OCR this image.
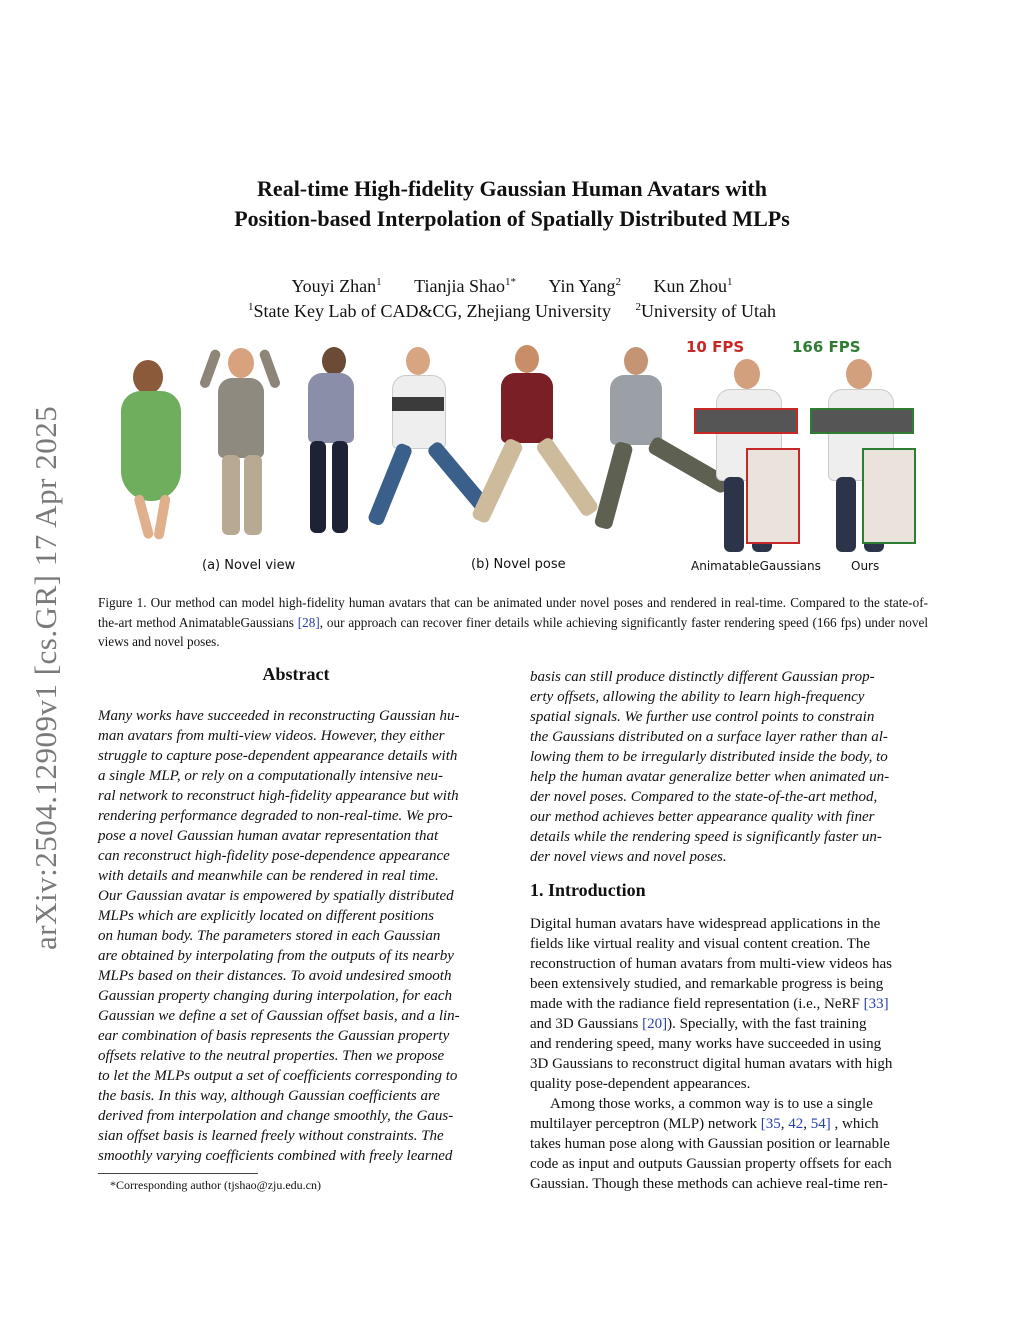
arXiv:2504.12909v1 [cs.GR] 17 Apr 2025
Real-time High-fidelity Gaussian Human Avatars with
Position-based Interpolation of Spatially Distributed MLPs
Youyi Zhan$^1$ Tianjia Shao$^{1*}$ Yin Yang$^2$ Kun Zhou$^1$
$^1$State Key Lab of CAD&CG, Zhejiang University $^2$University of Utah
10 FPS	166 FPS
(a) Novel view	(b) Novel pose	AnimatableGaussians	Ours
Figure 1. Our method can model high-fidelity human avatars that can be animated under novel poses and rendered in real-time. Compared to the state-of-the-art method AnimatableGaussians [28], our approach can recover finer details while achieving significantly faster rendering speed (166 fps) under novel views and novel poses.
Abstract
Many works have succeeded in reconstructing Gaussian hu-
man avatars from multi-view videos. However, they either
struggle to capture pose-dependent appearance details with
a single MLP, or rely on a computationally intensive neu-
ral network to reconstruct high-fidelity appearance but with
rendering performance degraded to non-real-time. We pro-
pose a novel Gaussian human avatar representation that
can reconstruct high-fidelity pose-dependence appearance
with details and meanwhile can be rendered in real time.
Our Gaussian avatar is empowered by spatially distributed
MLPs which are explicitly located on different positions
on human body. The parameters stored in each Gaussian
are obtained by interpolating from the outputs of its nearby
MLPs based on their distances. To avoid undesired smooth
Gaussian property changing during interpolation, for each
Gaussian we define a set of Gaussian offset basis, and a lin-
ear combination of basis represents the Gaussian property
offsets relative to the neutral properties. Then we propose
to let the MLPs output a set of coefficients corresponding to
the basis. In this way, although Gaussian coefficients are
derived from interpolation and change smoothly, the Gaus-
sian offset basis is learned freely without constraints. The
smoothly varying coefficients combined with freely learned
*Corresponding author (tjshao@zju.edu.cn)
basis can still produce distinctly different Gaussian prop-
erty offsets, allowing the ability to learn high-frequency
spatial signals. We further use control points to constrain
the Gaussians distributed on a surface layer rather than al-
lowing them to be irregularly distributed inside the body, to
help the human avatar generalize better when animated un-
der novel poses. Compared to the state-of-the-art method,
our method achieves better appearance quality with finer
details while the rendering speed is significantly faster un-
der novel views and novel poses.
1. Introduction
Digital human avatars have widespread applications in the
fields like virtual reality and visual content creation. The
reconstruction of human avatars from multi-view videos has
been extensively studied, and remarkable progress is being
made with the radiance field representation (i.e., NeRF [33]
and 3D Gaussians [20]). Specially, with the fast training
and rendering speed, many works have succeeded in using
3D Gaussians to reconstruct digital human avatars with high
quality pose-dependent appearances.
Among those works, a common way is to use a single
multilayer perceptron (MLP) network [35, 42, 54] , which
takes human pose along with Gaussian position or learnable
code as input and outputs Gaussian property offsets for each
Gaussian. Though these methods can achieve real-time ren-
